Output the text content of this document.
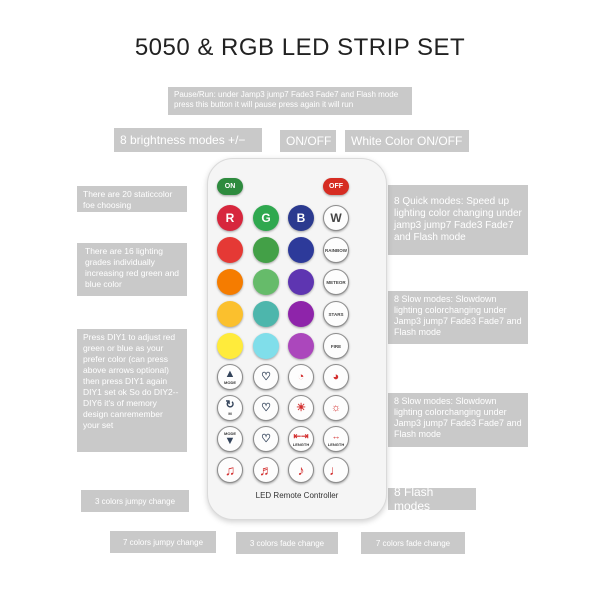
5050 & RGB LED STRIP SET
Pause/Run: under Jamp3 jump7 Fade3 Fade7 and Flash mode press this button it will pause press again it will run
8 brightness modes +/−	ON/OFF	White Color ON/OFF
There are 20 staticcolor foe choosing
There are 16 lighting grades individually increasing red green and blue color
Press DIY1 to adjust red green or blue as your prefer color (can press above arrows optional) then press DIY1 again DIY1 set ok So do DIY2-- DIY6 it's of memory design canremember your set
8 Quick modes: Speed up lighting color changing under jamp3 jump7 Fade3 Fade7 and Flash mode
8 Slow modes: Slowdown lighting colorchanging under Jamp3 jump7 Fade3 Fade7 and Flash mode
8 Slow modes: Slowdown lighting colorchanging under Jamp3 jump7 Fade3 Fade7 and Flash mode
3 colors jumpy change
8 Flash modes
7 colors jumpy change	3 colors fade change	7 colors fade change
ON	OFF
R	G	B	W
RAINBOW
METEOR
STARS
FIRE
▲
MODE ♡ ◔	◕
↻
M	♡ ☀ ☼
MODE
▼ ♡	⇤⇥
LENGTH
↔
LENGTH
♫ ♬ ♪ ♩
LED Remote Controller
